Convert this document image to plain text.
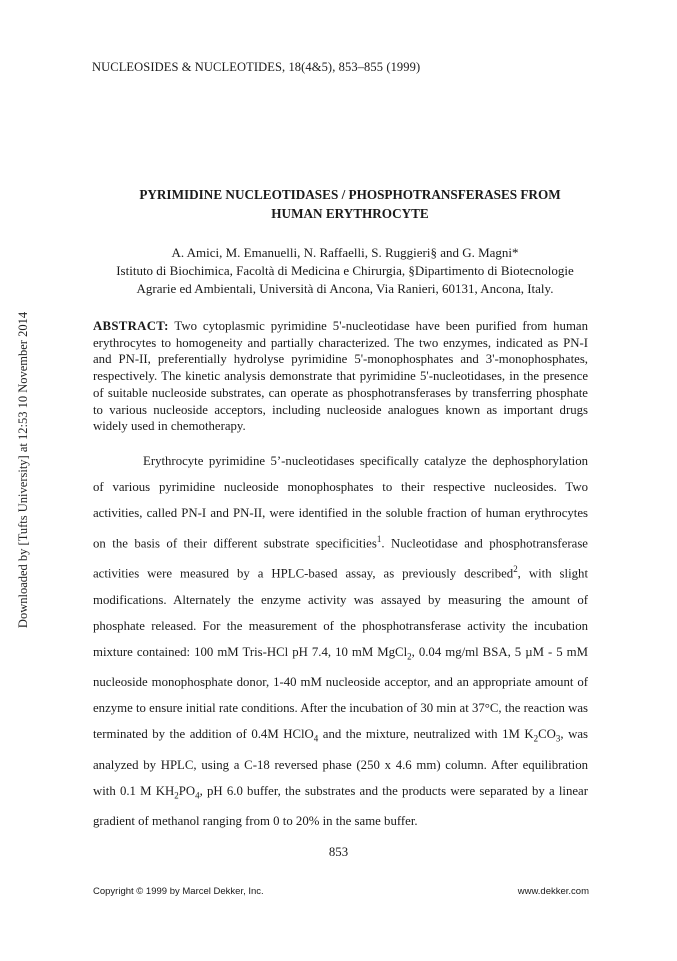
Downloaded by [Tufts University] at 12:53 10 November 2014
NUCLEOSIDES & NUCLEOTIDES, 18(4&5), 853–855 (1999)
PYRIMIDINE NUCLEOTIDASES / PHOSPHOTRANSFERASES FROM
HUMAN ERYTHROCYTE
A. Amici, M. Emanuelli, N. Raffaelli, S. Ruggieri§ and G. Magni*
Istituto di Biochimica, Facoltà di Medicina e Chirurgia, §Dipartimento di Biotecnologie
Agrarie ed Ambientali, Università di Ancona, Via Ranieri, 60131, Ancona, Italy.
ABSTRACT: Two cytoplasmic pyrimidine 5'-nucleotidase have been purified from human erythrocytes to homogeneity and partially characterized. The two enzymes, indicated as PN-I and PN-II, preferentially hydrolyse pyrimidine 5'-monophosphates and 3'-monophosphates, respectively. The kinetic analysis demonstrate that pyrimidine 5'-nucleotidases, in the presence of suitable nucleoside substrates, can operate as phosphotransferases by transferring phosphate to various nucleoside acceptors, including nucleoside analogues known as important drugs widely used in chemotherapy.

Erythrocyte pyrimidine 5’-nucleotidases specifically catalyze the dephosphorylation of various pyrimidine nucleoside monophosphates to their respective nucleosides. Two activities, called PN-I and PN-II, were identified in the soluble fraction of human erythrocytes on the basis of their different substrate specificities$^1$. Nucleotidase and phosphotransferase activities were measured by a HPLC-based assay, as previously described$^2$, with slight modifications. Alternately the enzyme activity was assayed by measuring the amount of phosphate released. For the measurement of the phosphotransferase activity the incubation mixture contained: 100 mM Tris-HCl pH 7.4, 10 mM MgCl$_2$, 0.04 mg/ml BSA, 5 µM - 5 mM nucleoside monophosphate donor, 1-40 mM nucleoside acceptor, and an appropriate amount of enzyme to ensure initial rate conditions. After the incubation of 30 min at 37°C, the reaction was terminated by the addition of 0.4M HClO$_4$ and the mixture, neutralized with 1M $K_2CO_3$, was analyzed by HPLC, using a C-18 reversed phase (250 x 4.6 mm) column. After equilibration with 0.1 M $KH_2PO_4$, pH 6.0 buffer, the substrates and the products were separated by a linear gradient of methanol ranging from 0 to 20% in the same buffer.

853
Copyright © 1999 by Marcel Dekker, Inc.	www.dekker.com
